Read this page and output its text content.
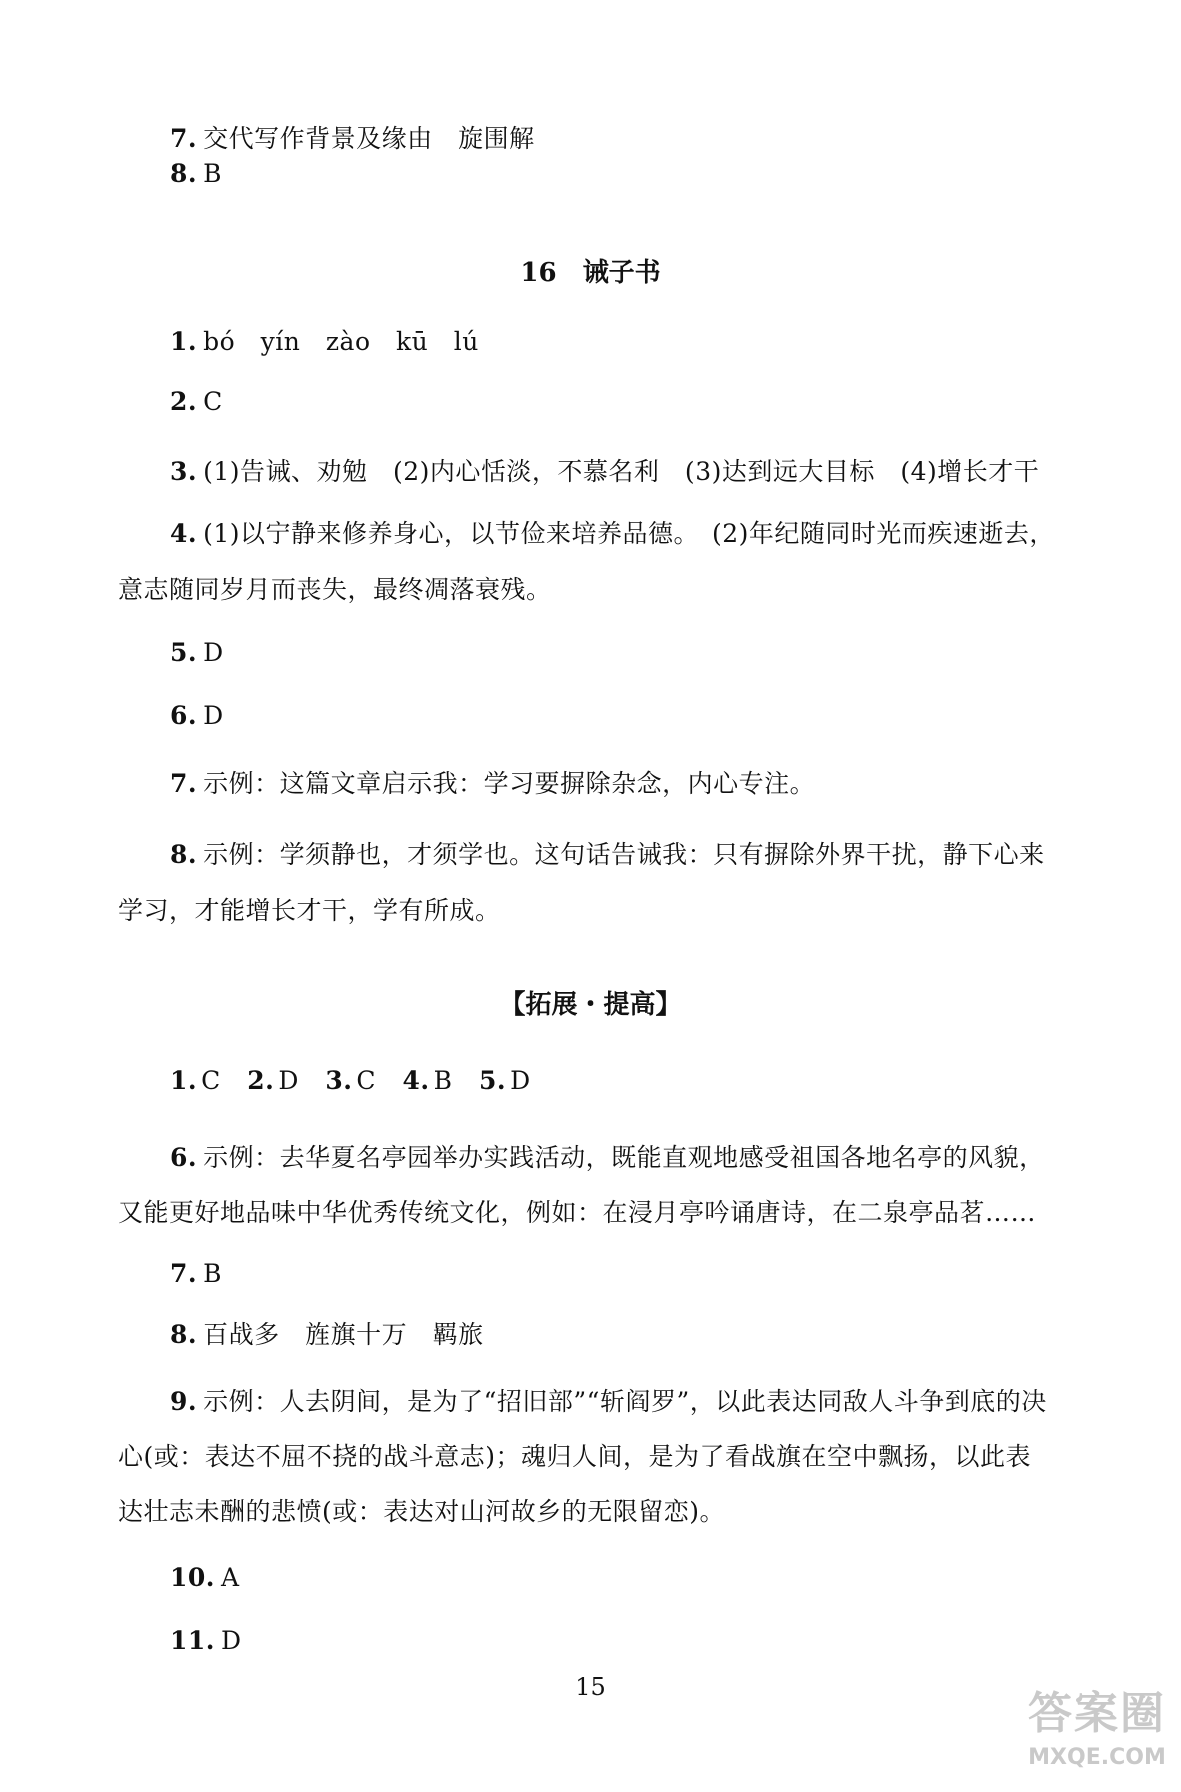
7. 交代写作背景及缘由　旋围解
8. B
16 诫子书
1. bó　yín　zào　kū　lú
2. C
3. (1)告诫、劝勉　(2)内心恬淡，不慕名利　(3)达到远大目标　(4)增长才干
4. (1)以宁静来修养身心，以节俭来培养品德。　(2)年纪随同时光而疾速逝去，
意志随同岁月而丧失，最终凋落衰残。
5. D
6. D
7. 示例：这篇文章启示我：学习要摒除杂念，内心专注。
8. 示例：学须静也，才须学也。这句话告诫我：只有摒除外界干扰，静下心来
学习，才能增长才干，学有所成。
【拓展・提高】
1. C 2. D 3. C 4. B 5. D
6. 示例：去华夏名亭园举办实践活动，既能直观地感受祖国各地名亭的风貌，
又能更好地品味中华优秀传统文化，例如：在浸月亭吟诵唐诗，在二泉亭品茗……
7. B
8. 百战多　旌旗十万　羁旅
9. 示例：人去阴间，是为了“招旧部”“斩阎罗”，以此表达同敌人斗争到底的决
心(或：表达不屈不挠的战斗意志)；魂归人间，是为了看战旗在空中飘扬，以此表
达壮志未酬的悲愤(或：表达对山河故乡的无限留恋)。
10. A
11. D
15
答案圈
MXQE.COM
